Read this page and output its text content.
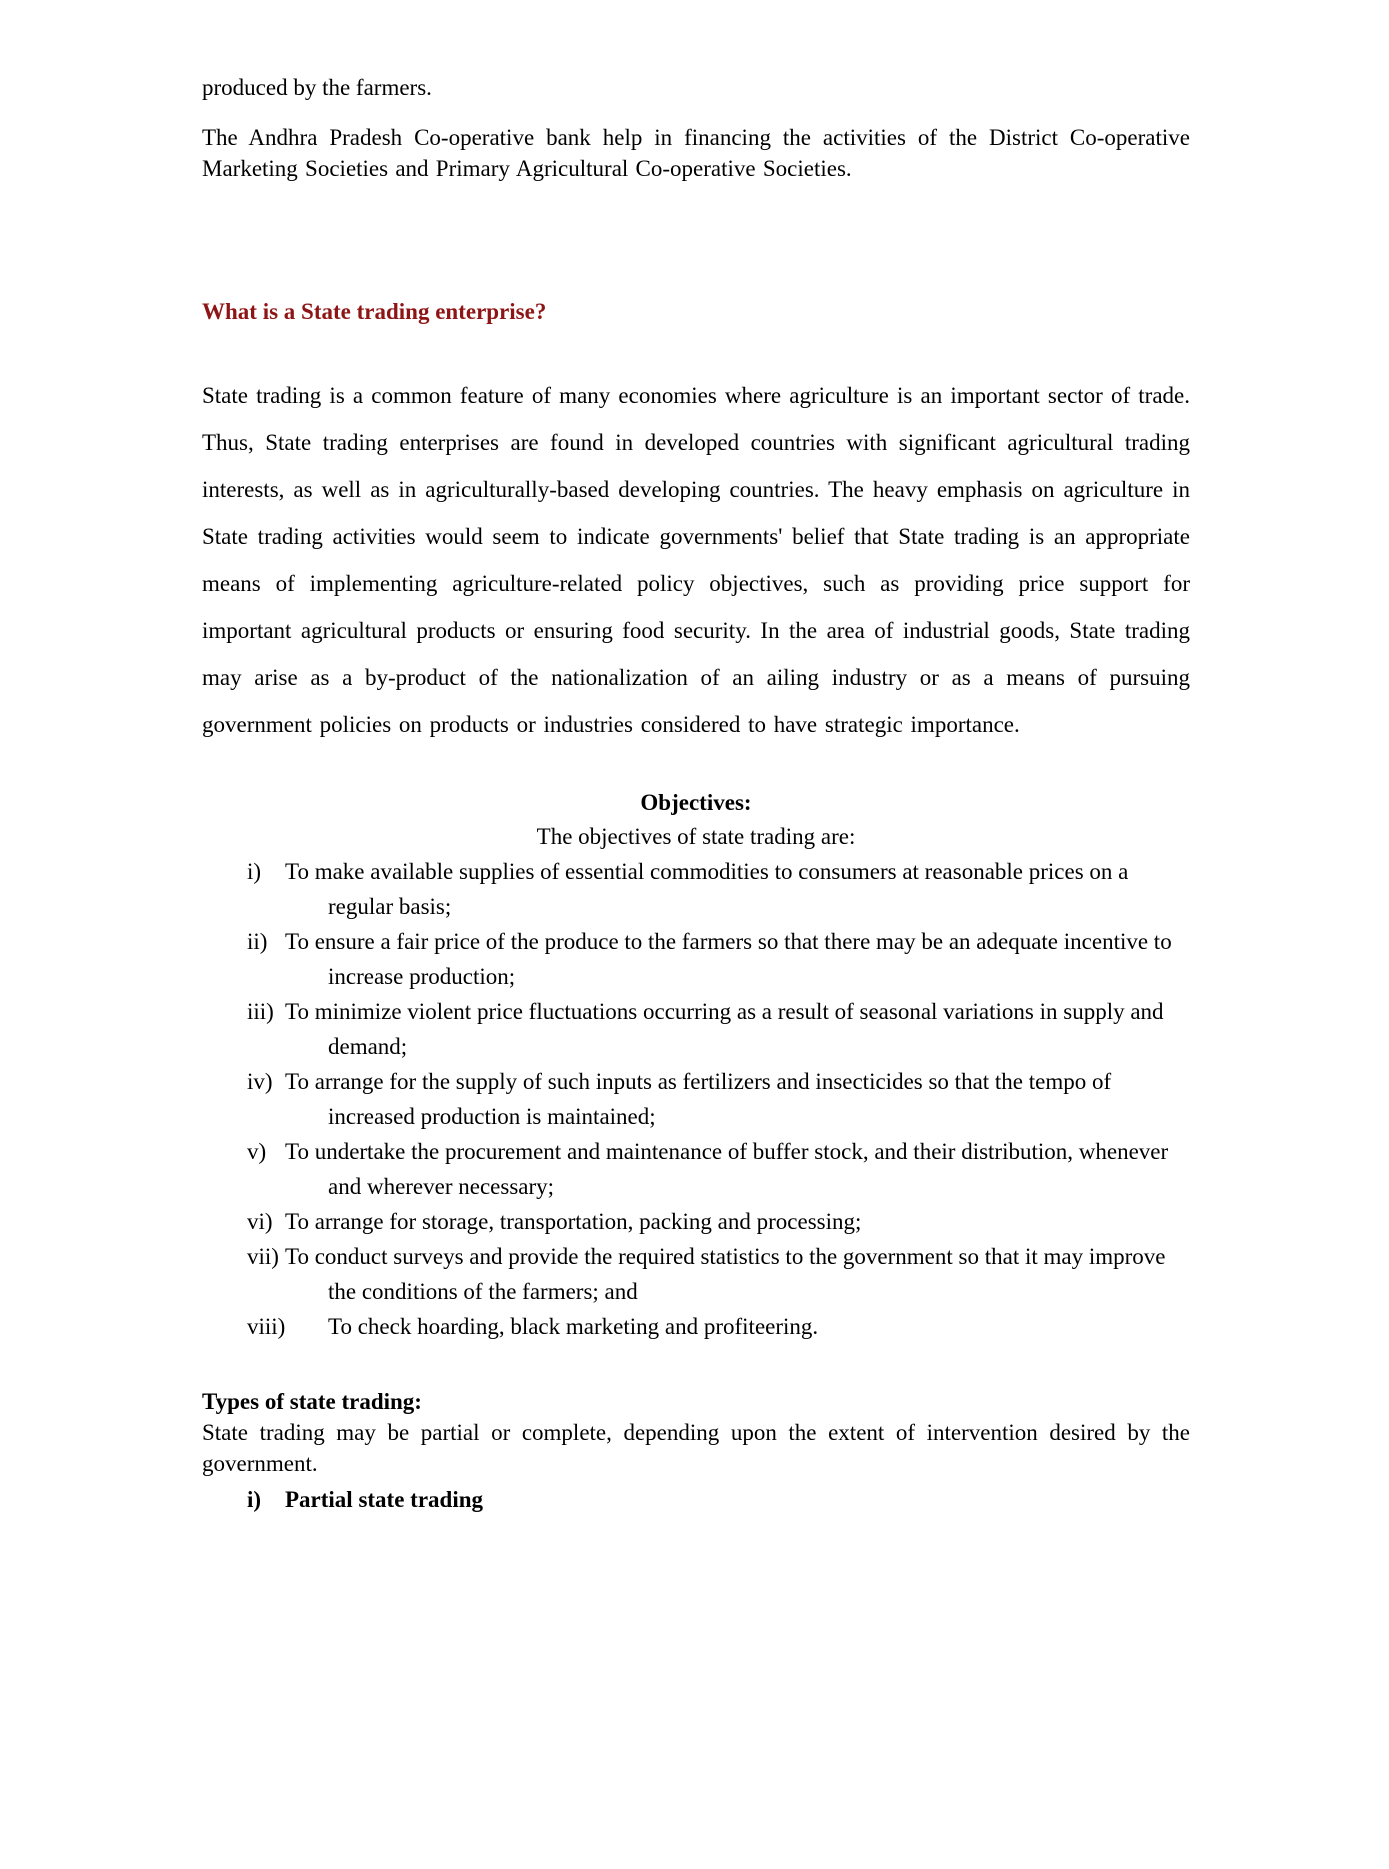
produced by the farmers.

The Andhra Pradesh Co-operative bank help in financing the activities of the District Co-operative Marketing Societies and Primary Agricultural Co-operative Societies.

What is a State trading enterprise?

State trading is a common feature of many economies where agriculture is an important sector of trade. Thus, State trading enterprises are found in developed countries with significant agricultural trading interests, as well as in agriculturally-based developing countries. The heavy emphasis on agriculture in State trading activities would seem to indicate governments' belief that State trading is an appropriate means of implementing agriculture-related policy objectives, such as providing price support for important agricultural products or ensuring food security. In the area of industrial goods, State trading may arise as a by-product of the nationalization of an ailing industry or as a means of pursuing government policies on products or industries considered to have strategic importance.

Objectives:
The objectives of state trading are:
i) To make available supplies of essential commodities to consumers at reasonable prices on a regular basis;
ii) To ensure a fair price of the produce to the farmers so that there may be an adequate incentive to increase production;
iii) To minimize violent price fluctuations occurring as a result of seasonal variations in supply and demand;
iv) To arrange for the supply of such inputs as fertilizers and insecticides so that the tempo of increased production is maintained;
v) To undertake the procurement and maintenance of buffer stock, and their distribution, whenever and wherever necessary;
vi) To arrange for storage, transportation, packing and processing;
vii) To conduct surveys and provide the required statistics to the government so that it may improve the conditions of the farmers; and
viii) To check hoarding, black marketing and profiteering.
Types of state trading:

State trading may be partial or complete, depending upon the extent of intervention desired by the government.

i) Partial state trading
